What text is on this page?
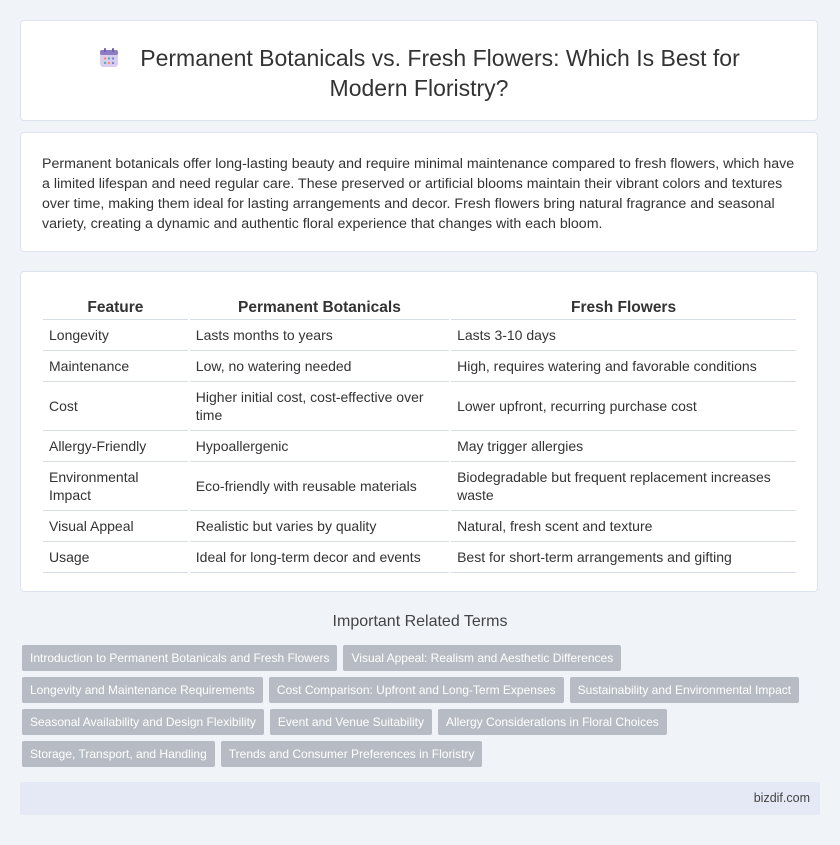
Permanent Botanicals vs. Fresh Flowers: Which Is Best for
Modern Floristry?

Permanent botanicals offer long-lasting beauty and require minimal maintenance compared to fresh flowers, which have a limited lifespan and need regular care. These preserved or artificial blooms maintain their vibrant colors and textures over time, making them ideal for lasting arrangements and decor. Fresh flowers bring natural fragrance and seasonal variety, creating a dynamic and authentic floral experience that changes with each bloom.

Feature	Permanent Botanicals	Fresh Flowers
Longevity	Lasts months to years	Lasts 3-10 days
Maintenance	Low, no watering needed	High, requires watering and favorable conditions
Cost	Higher initial cost, cost-effective over time	Lower upfront, recurring purchase cost
Allergy-Friendly	Hypoallergenic	May trigger allergies
Environmental Impact	Eco-friendly with reusable materials	Biodegradable but frequent replacement increases waste
Visual Appeal	Realistic but varies by quality	Natural, fresh scent and texture
Usage	Ideal for long-term decor and events	Best for short-term arrangements and gifting
Important Related Terms
Introduction to Permanent Botanicals and Fresh Flowers	Visual Appeal: Realism and Aesthetic Differences
Longevity and Maintenance Requirements	Cost Comparison: Upfront and Long-Term Expenses	Sustainability and Environmental Impact
Seasonal Availability and Design Flexibility	Event and Venue Suitability	Allergy Considerations in Floral Choices
Storage, Transport, and Handling	Trends and Consumer Preferences in Floristry
bizdif.com
